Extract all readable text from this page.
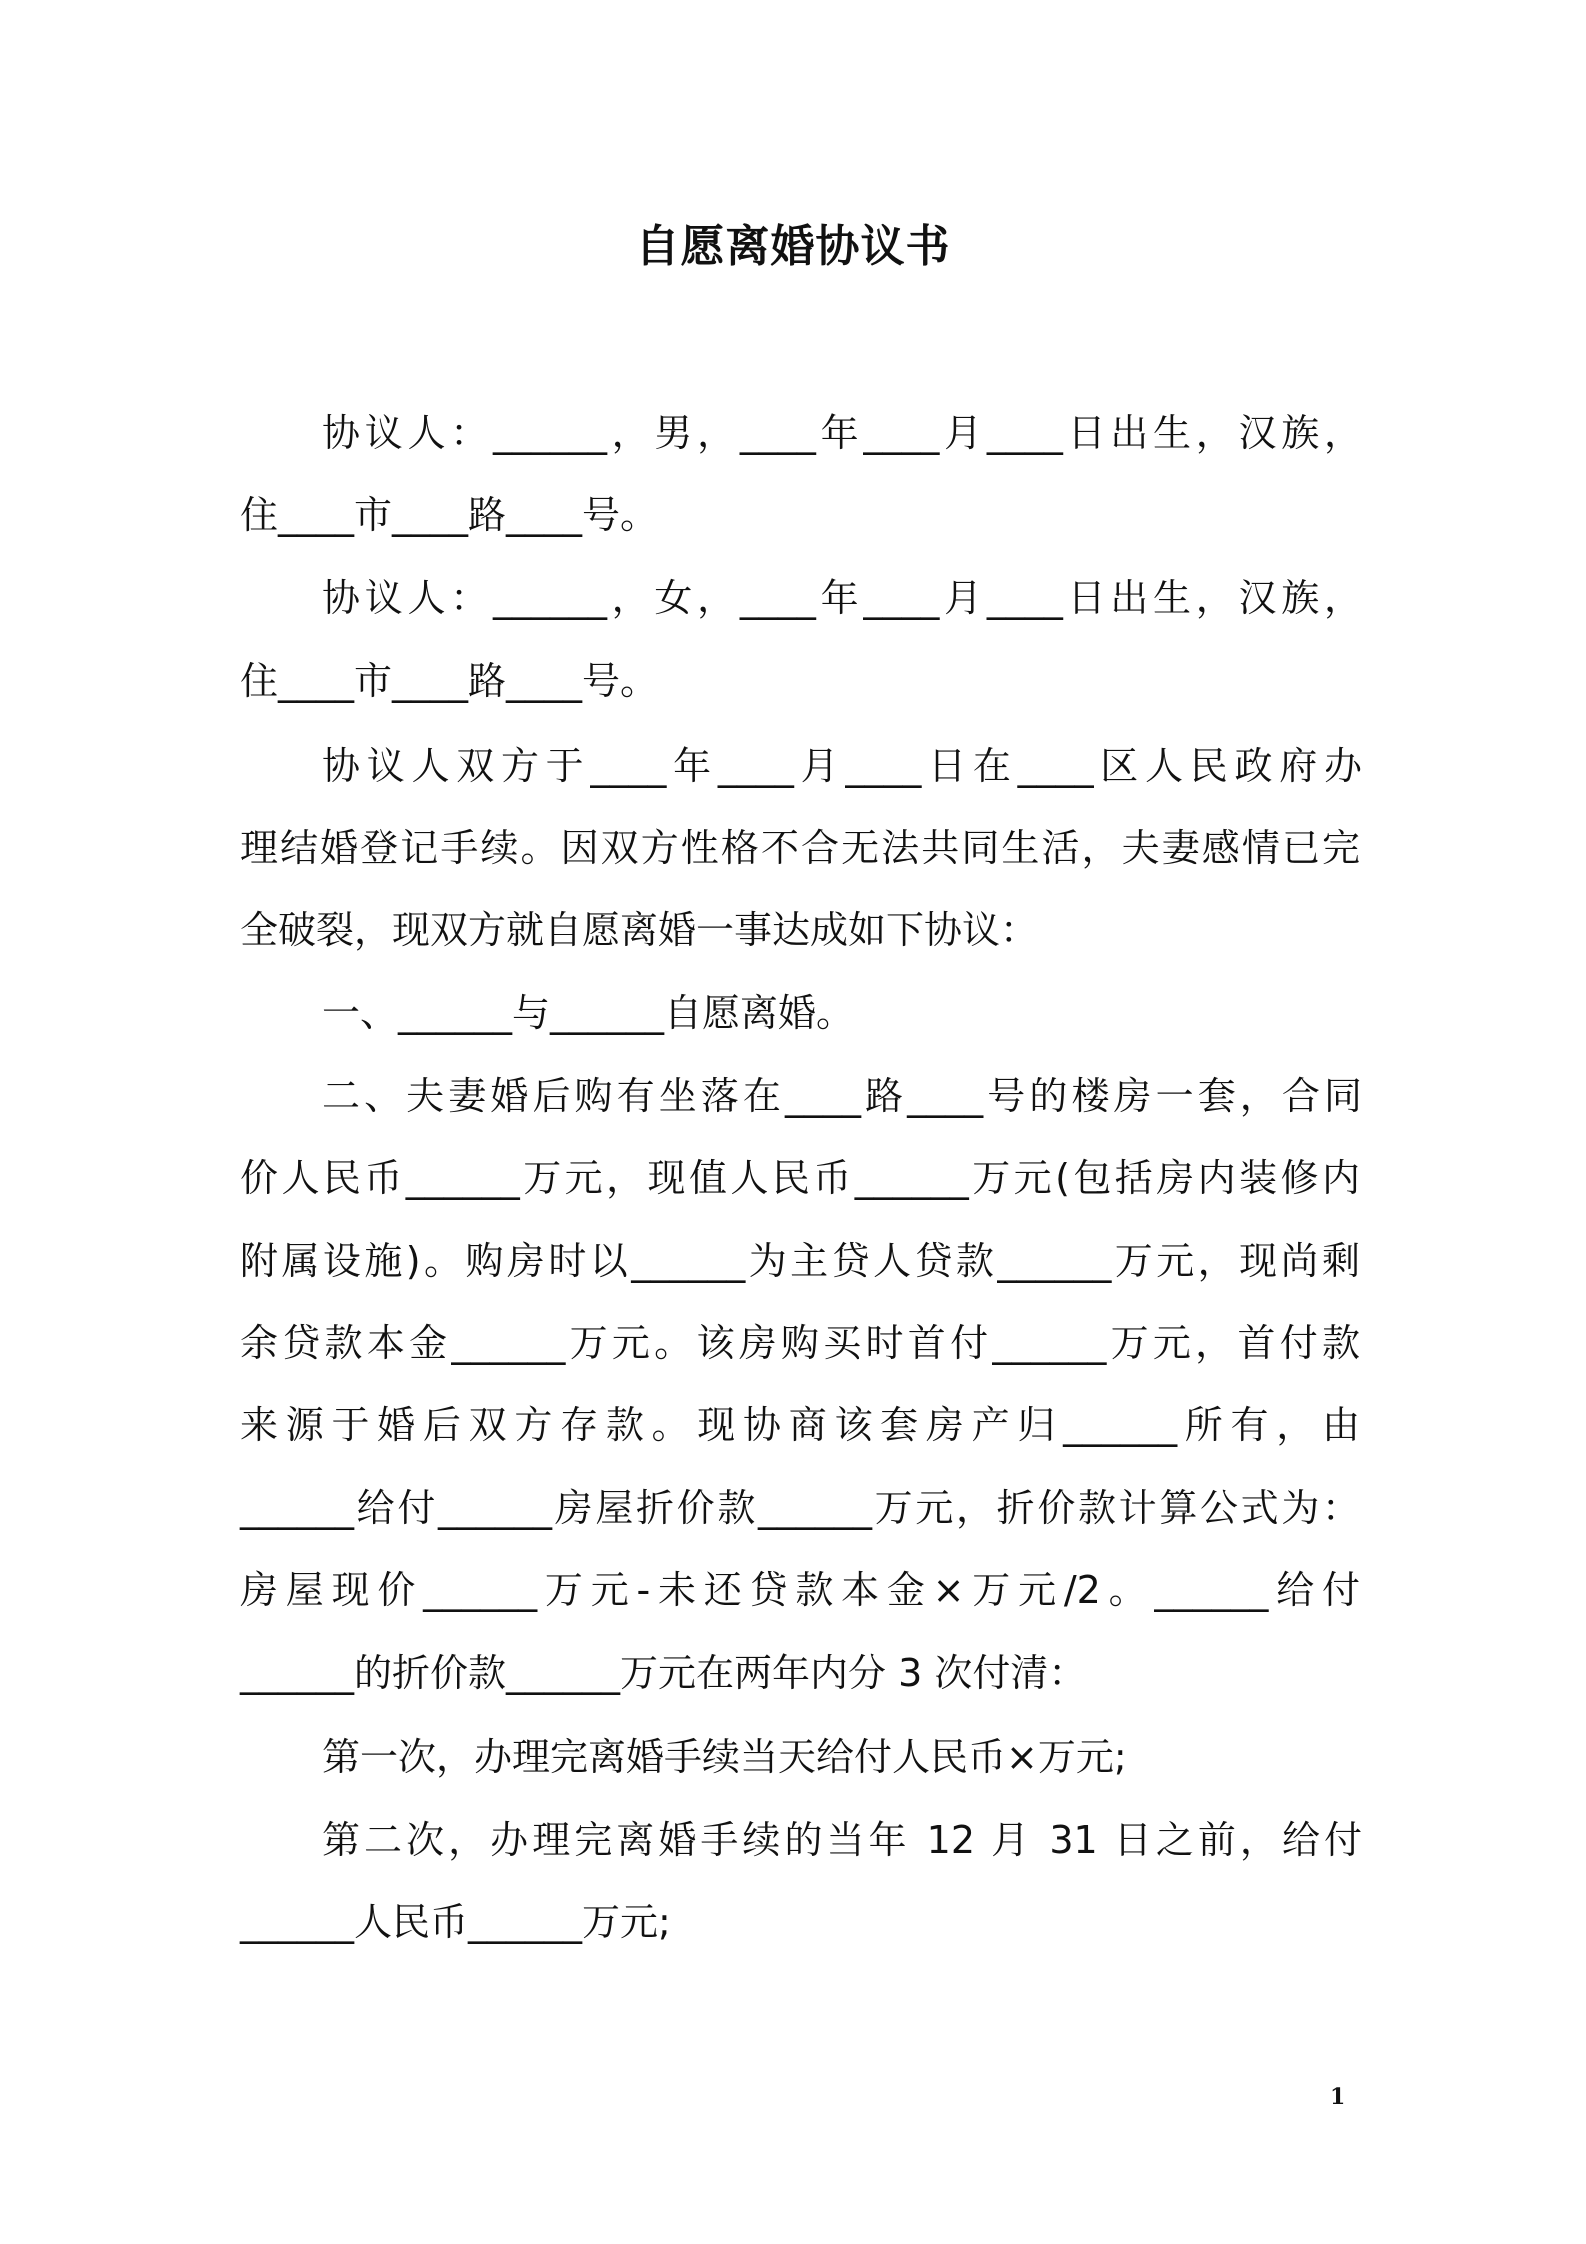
自愿离婚协议书

协议人：______，男，____年____月____日出生，汉族，

住____市____路____号。

协议人：______，女，____年____月____日出生，汉族，

住____市____路____号。

协议人双方于____年____月____日在____区人民政府办

理结婚登记手续。因双方性格不合无法共同生活，夫妻感情已完

全破裂，现双方就自愿离婚一事达成如下协议：

一、______与______自愿离婚。

二、夫妻婚后购有坐落在____路____号的楼房一套，合同

价人民币______万元，现值人民币______万元(包括房内装修内

附属设施)。购房时以______为主贷人贷款______万元，现尚剩

余贷款本金______万元。该房购买时首付______万元，首付款

来源于婚后双方存款。现协商该套房产归______所有，由

______给付______房屋折价款______万元，折价款计算公式为：

房屋现价______万元-未还贷款本金×万元/2。______给付

______的折价款______万元在两年内分 3 次付清：

第一次，办理完离婚手续当天给付人民币×万元;

第二次，办理完离婚手续的当年 12 月 31 日之前，给付

______人民币______万元;

1
